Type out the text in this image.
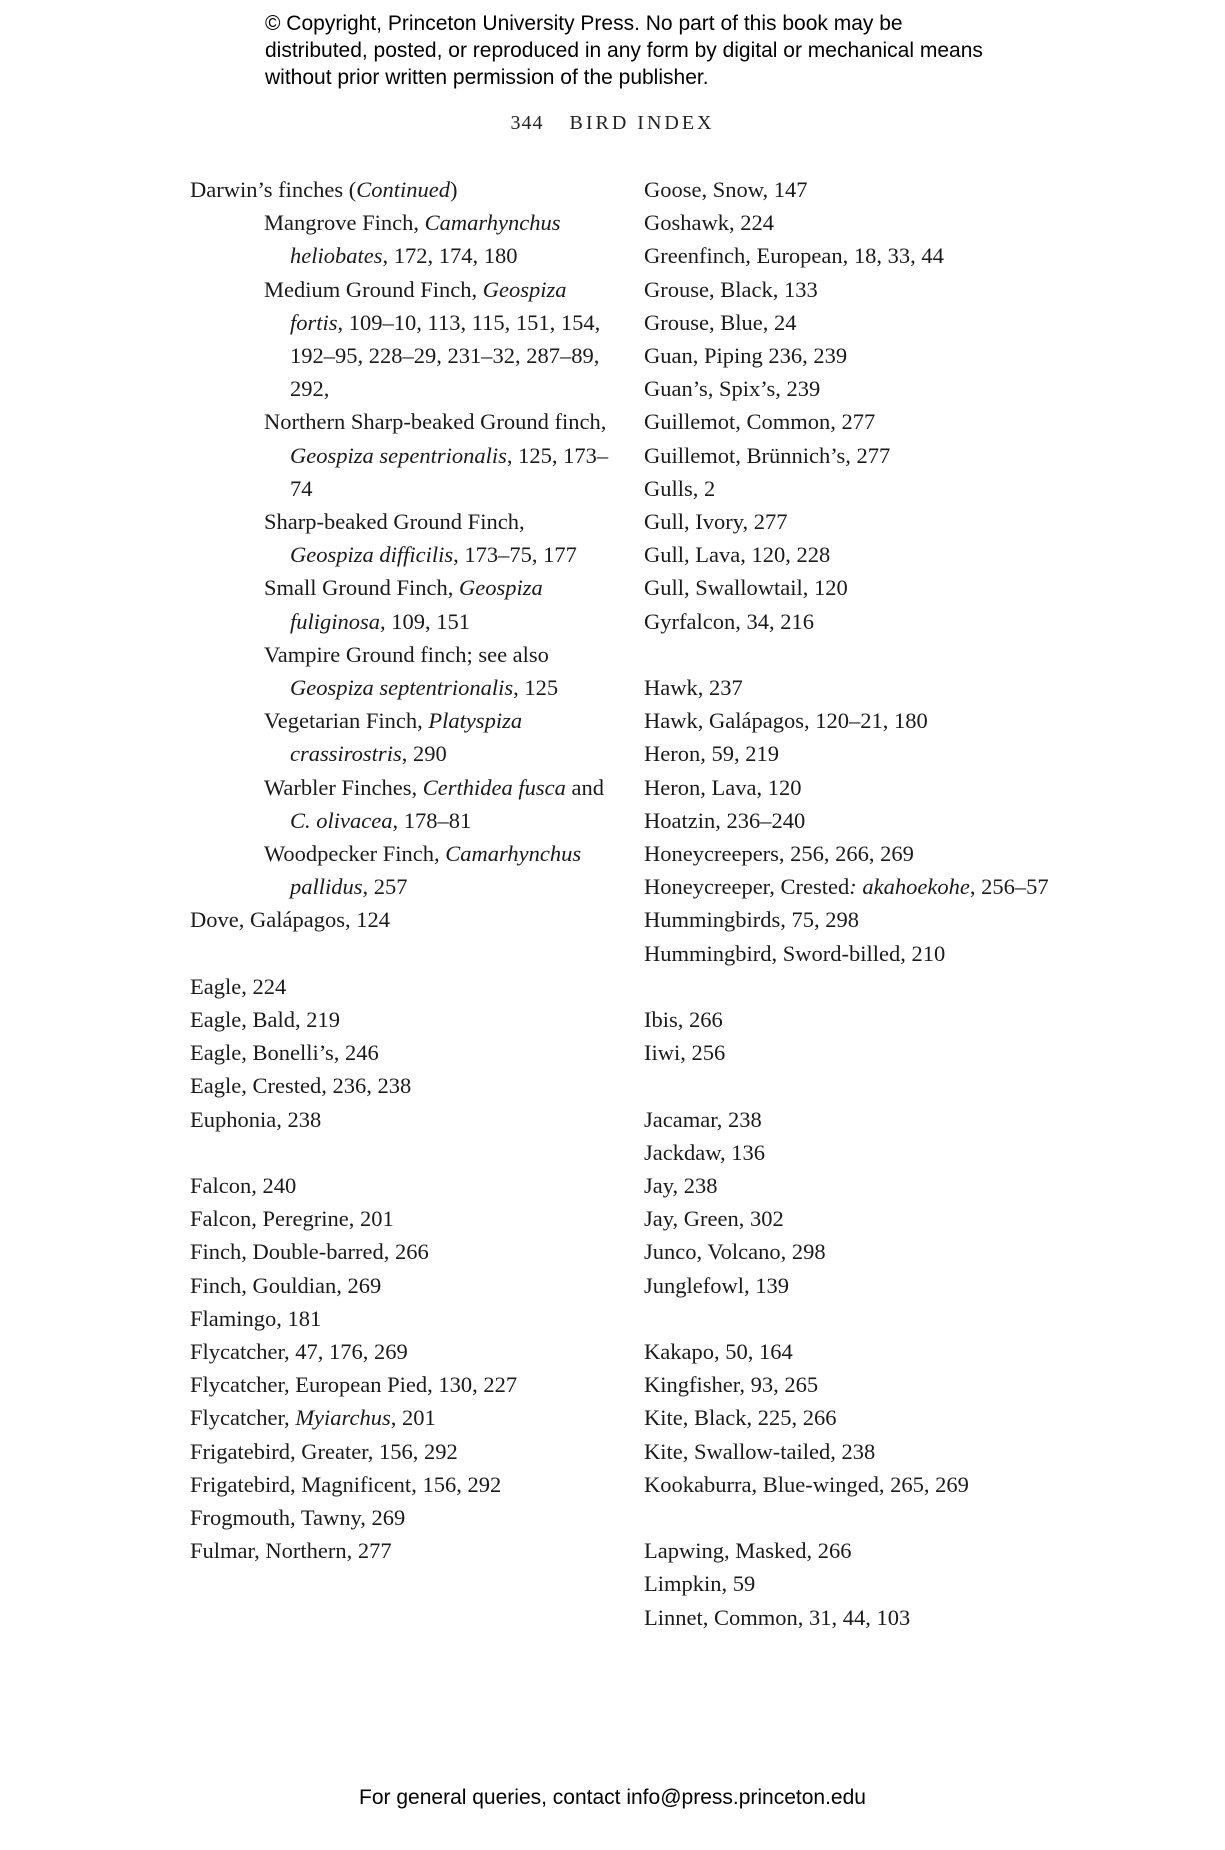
© Copyright, Princeton University Press. No part of this book may be distributed, posted, or reproduced in any form by digital or mechanical means without prior written permission of the publisher.
344 BIRD INDEX
Darwin’s finches (Continued)
Mangrove Finch, Camarhynchus heliobates, 172, 174, 180
Medium Ground Finch, Geospiza fortis, 109–10, 113, 115, 151, 154, 192–95, 228–29, 231–32, 287–89, 292,
Northern Sharp-beaked Ground finch, Geospiza sepentrionalis, 125, 173–74
Sharp-beaked Ground Finch, Geospiza difficilis, 173–75, 177
Small Ground Finch, Geospiza fuliginosa, 109, 151
Vampire Ground finch; see also Geospiza septentrionalis, 125
Vegetarian Finch, Platyspiza crassirostris, 290
Warbler Finches, Certhidea fusca and C. olivacea, 178–81
Woodpecker Finch, Camarhynchus pallidus, 257
Dove, Galápagos, 124
Eagle, 224
Eagle, Bald, 219
Eagle, Bonelli’s, 246
Eagle, Crested, 236, 238
Euphonia, 238
Falcon, 240
Falcon, Peregrine, 201
Finch, Double-barred, 266
Finch, Gouldian, 269
Flamingo, 181
Flycatcher, 47, 176, 269
Flycatcher, European Pied, 130, 227
Flycatcher, Myiarchus, 201
Frigatebird, Greater, 156, 292
Frigatebird, Magnificent, 156, 292
Frogmouth, Tawny, 269
Fulmar, Northern, 277
Goose, Snow, 147
Goshawk, 224
Greenfinch, European, 18, 33, 44
Grouse, Black, 133
Grouse, Blue, 24
Guan, Piping 236, 239
Guan’s, Spix’s, 239
Guillemot, Common, 277
Guillemot, Brünnich’s, 277
Gulls, 2
Gull, Ivory, 277
Gull, Lava, 120, 228
Gull, Swallowtail, 120
Gyrfalcon, 34, 216
Hawk, 237
Hawk, Galápagos, 120–21, 180
Heron, 59, 219
Heron, Lava, 120
Hoatzin, 236–240
Honeycreepers, 256, 266, 269
Honeycreeper, Crested: akahoekohe, 256–57
Hummingbirds, 75, 298
Hummingbird, Sword-billed, 210
Ibis, 266
Iiwi, 256
Jacamar, 238
Jackdaw, 136
Jay, 238
Jay, Green, 302
Junco, Volcano, 298
Junglefowl, 139
Kakapo, 50, 164
Kingfisher, 93, 265
Kite, Black, 225, 266
Kite, Swallow-tailed, 238
Kookaburra, Blue-winged, 265, 269
Lapwing, Masked, 266
Limpkin, 59
Linnet, Common, 31, 44, 103
For general queries, contact info@press.princeton.edu
